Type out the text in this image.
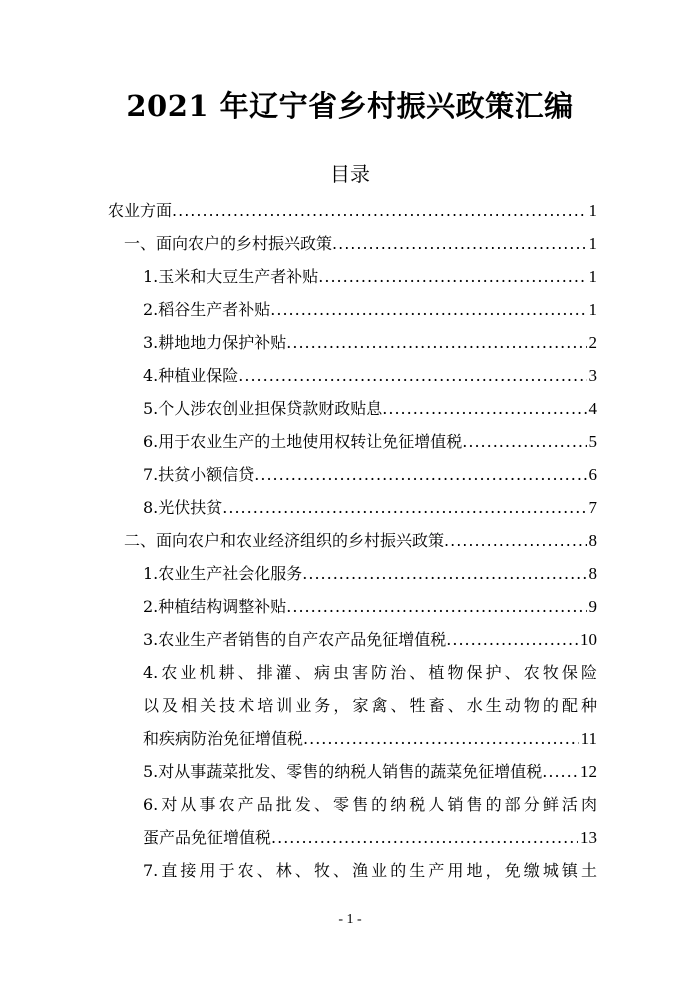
2021 年辽宁省乡村振兴政策汇编
目录
农业方面 .....	1
一、面向农户的乡村振兴政策 .....	1
1.玉米和大豆生产者补贴 .....	1
2.稻谷生产者补贴 .....	1
3.耕地地力保护补贴 .....	2
4.种植业保险 .....	3
5.个人涉农创业担保贷款财政贴息 .....	4
6.用于农业生产的土地使用权转让免征增值税 .....	5
7.扶贫小额信贷 .....	6
8.光伏扶贫 .....	7
二、面向农户和农业经济组织的乡村振兴政策 .....	8
1.农业生产社会化服务 .....	8
2.种植结构调整补贴 .....	9
3.农业生产者销售的自产农产品免征增值税 .....	10
4.农业机耕、排灌、病虫害防治、植物保护、农牧保险
以及相关技术培训业务，家禽、牲畜、水生动物的配种
和疾病防治免征增值税 .....	11
5.对从事蔬菜批发、零售的纳税人销售的蔬菜免征增值税 ..... 12
6.对从事农产品批发、零售的纳税人销售的部分鲜活肉
蛋产品免征增值税 .....	13
7.直接用于农、林、牧、渔业的生产用地，免缴城镇土
- 1 -
